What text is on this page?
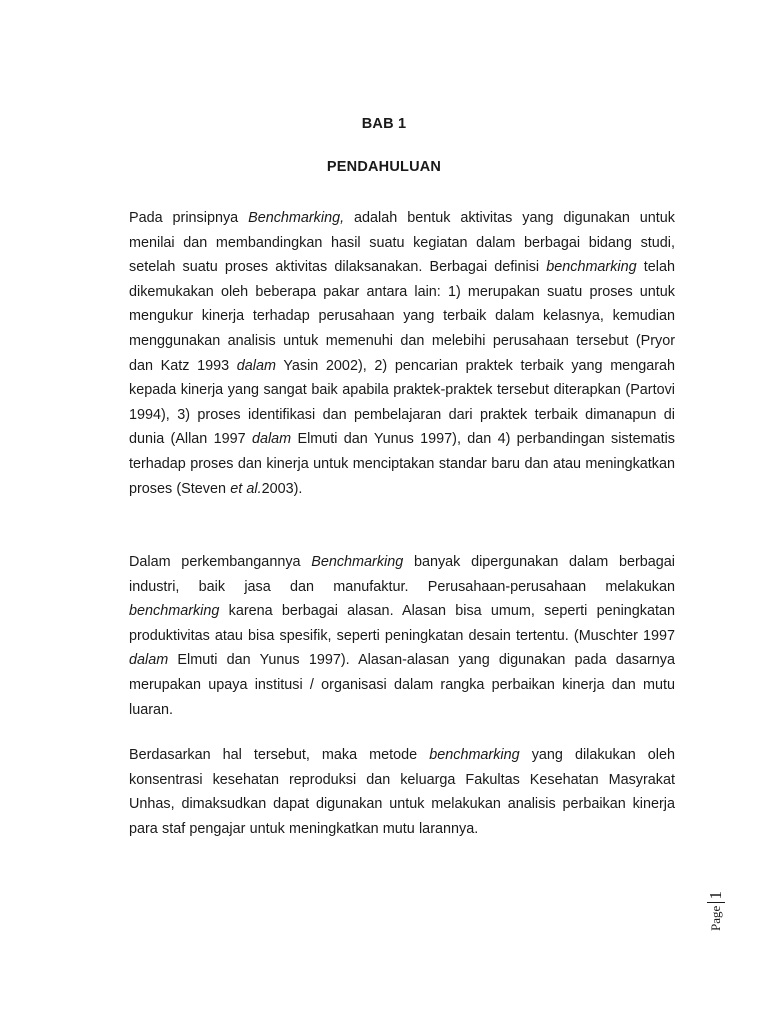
BAB 1
PENDAHULUAN

Pada prinsipnya Benchmarking, adalah bentuk aktivitas yang digunakan untuk menilai dan membandingkan hasil suatu kegiatan dalam berbagai bidang studi, setelah suatu proses aktivitas dilaksanakan. Berbagai definisi benchmarking telah dikemukakan oleh beberapa pakar antara lain: 1) merupakan suatu proses untuk mengukur kinerja terhadap perusahaan yang terbaik dalam kelasnya, kemudian menggunakan analisis untuk memenuhi dan melebihi perusahaan tersebut (Pryor dan Katz 1993 dalam Yasin 2002), 2) pencarian praktek terbaik yang mengarah kepada kinerja yang sangat baik apabila praktek-praktek tersebut diterapkan (Partovi 1994), 3) proses identifikasi dan pembelajaran dari praktek terbaik dimanapun di dunia (Allan 1997 dalam Elmuti dan Yunus 1997), dan 4) perbandingan sistematis terhadap proses dan kinerja untuk menciptakan standar baru dan atau meningkatkan proses (Steven et al.2003).

Dalam perkembangannya Benchmarking banyak dipergunakan dalam berbagai industri, baik jasa dan manufaktur. Perusahaan-perusahaan melakukan benchmarking karena berbagai alasan. Alasan bisa umum, seperti peningkatan produktivitas atau bisa spesifik, seperti peningkatan desain tertentu. (Muschter 1997 dalam Elmuti dan Yunus 1997). Alasan-alasan yang digunakan pada dasarnya merupakan upaya institusi / organisasi dalam rangka perbaikan kinerja dan mutu luaran.

Berdasarkan hal tersebut, maka metode benchmarking yang dilakukan oleh konsentrasi kesehatan reproduksi dan keluarga Fakultas Kesehatan Masyrakat Unhas, dimaksudkan dapat digunakan untuk melakukan analisis perbaikan kinerja para staf pengajar untuk meningkatkan mutu larannya.

Page
1
